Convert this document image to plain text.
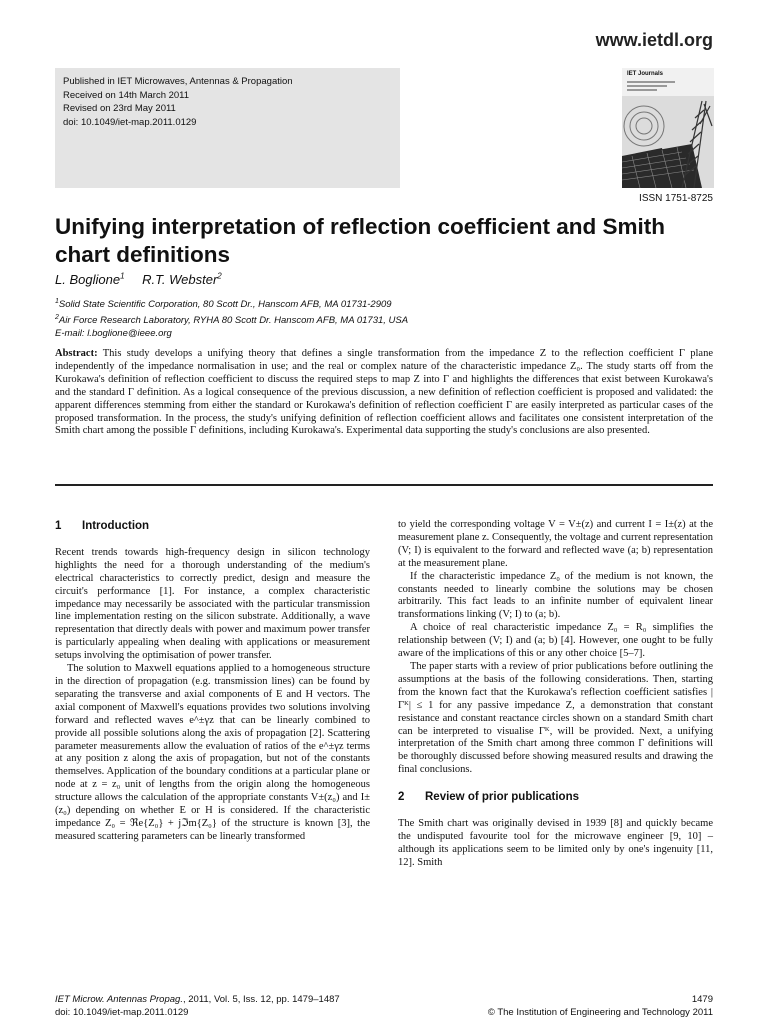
www.ietdl.org
Published in IET Microwaves, Antennas & Propagation
Received on 14th March 2011
Revised on 23rd May 2011
doi: 10.1049/iet-map.2011.0129
IET Journals
ISSN 1751-8725
Unifying interpretation of reflection coefficient and Smith chart definitions
L. Boglione$^1$ R.T. Webster$^2$
$^1$Solid State Scientific Corporation, 80 Scott Dr., Hanscom AFB, MA 01731-2909
$^2$Air Force Research Laboratory, RYHA 80 Scott Dr. Hanscom AFB, MA 01731, USA
E-mail: l.boglione@ieee.org
Abstract: This study develops a unifying theory that defines a single transformation from the impedance Z to the reflection coefficient Γ plane independently of the impedance normalisation in use; and the real or complex nature of the characteristic impedance Z₀. The study starts off from the Kurokawa's definition of reflection coefficient to discuss the required steps to map Z into Γ and highlights the differences that exist between Kurokawa's and the standard Γ definition. As a logical consequence of the previous discussion, a new definition of reflection coefficient is proposed and validated: the apparent differences stemming from either the standard or Kurokawa's definition of reflection coefficient Γ are easily interpreted as particular cases of the proposed transformation. In the process, the study's unifying definition of reflection coefficient allows and facilitates one consistent interpretation of the Smith chart among the possible Γ definitions, including Kurokawa's. Experimental data supporting the study's conclusions are also presented.
1 Introduction

Recent trends towards high-frequency design in silicon technology highlights the need for a thorough understanding of the medium's electrical characteristics to correctly predict, design and measure the circuit's performance [1]. For instance, a complex characteristic impedance may necessarily be associated with the particular transmission line implementation resting on the silicon substrate. Additionally, a wave representation that directly deals with power and maximum power transfer is particularly appealing when dealing with applications or measurement setups involving the optimisation of power transfer.

The solution to Maxwell equations applied to a homogeneous structure in the direction of propagation (e.g. transmission lines) can be found by separating the transverse and axial components of E and H vectors. The axial component of Maxwell's equations provides two solutions involving forward and reflected waves e^±γz that can be linearly combined to provide all possible solutions along the axis of propagation [2]. Scattering parameter measurements allow the evaluation of ratios of the e^±γz terms at any position z along the axis of propagation, but not of the constants themselves. Application of the boundary conditions at a particular plane or node at z = z₀ unit of lengths from the origin along the homogeneous structure allows the calculation of the appropriate constants V±(z₀) and I±(z₀) depending on whether E or H is considered. If the characteristic impedance Z₀ = ℜe{Z₀} + jℑm{Z₀} of the structure is known [3], the measured scattering parameters can be linearly transformed

to yield the corresponding voltage V = V±(z) and current I = I±(z) at the measurement plane z. Consequently, the voltage and current representation (V; I) is equivalent to the forward and reflected wave (a; b) representation at the measurement plane.

If the characteristic impedance Z₀ of the medium is not known, the constants needed to linearly combine the solutions may be chosen arbitrarily. This fact leads to an infinite number of equivalent linear transformations linking (V; I) to (a; b).

A choice of real characteristic impedance Z₀ = R₀ simplifies the relationship between (V; I) and (a; b) [4]. However, one ought to be fully aware of the implications of this or any other choice [5–7].

The paper starts with a review of prior publications before outlining the assumptions at the basis of the following considerations. Then, starting from the known fact that the Kurokawa's reflection coefficient satisfies |Γᴷ| ≤ 1 for any passive impedance Z, a demonstration that constant resistance and constant reactance circles shown on a standard Smith chart can be interpreted to visualise Γᴷ, will be provided. Next, a unifying interpretation of the Smith chart among three common Γ definitions will be thoroughly discussed before showing measured results and drawing the final conclusions.

2 Review of prior publications

The Smith chart was originally devised in 1939 [8] and quickly became the undisputed favourite tool for the microwave engineer [9, 10] – although its applications seem to be limited only by one's ingenuity [11, 12]. Smith

IET Microw. Antennas Propag., 2011, Vol. 5, Iss. 12, pp. 1479–1487
doi: 10.1049/iet-map.2011.0129
1479
© The Institution of Engineering and Technology 2011
